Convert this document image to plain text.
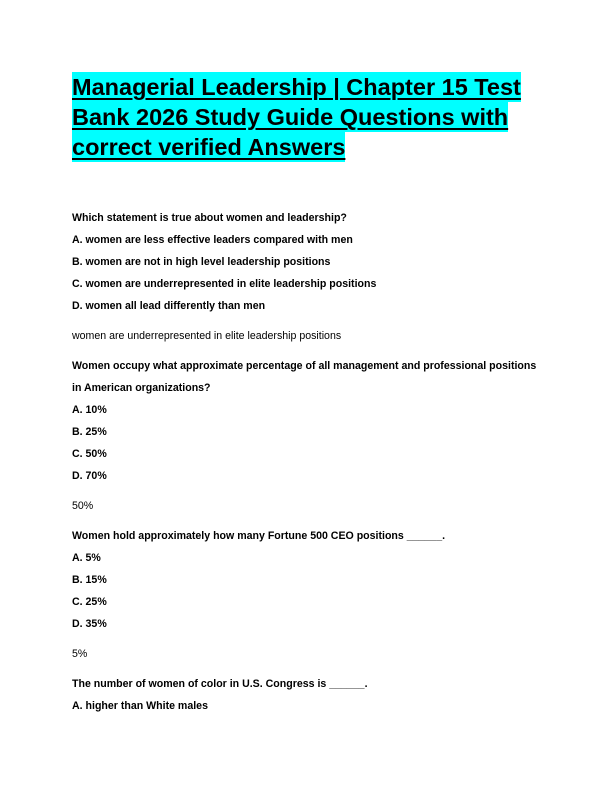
Managerial Leadership | Chapter 15 Test
Bank 2026 Study Guide Questions with
correct verified Answers
Which statement is true about women and leadership?
A. women are less effective leaders compared with men
B. women are not in high level leadership positions
C. women are underrepresented in elite leadership positions
D. women all lead differently than men
women are underrepresented in elite leadership positions
Women occupy what approximate percentage of all management and professional positions
in American organizations?
A. 10%
B. 25%
C. 50%
D. 70%
50%
Women hold approximately how many Fortune 500 CEO positions ______.
A. 5%
B. 15%
C. 25%
D. 35%
5%
The number of women of color in U.S. Congress is ______.
A. higher than White males
